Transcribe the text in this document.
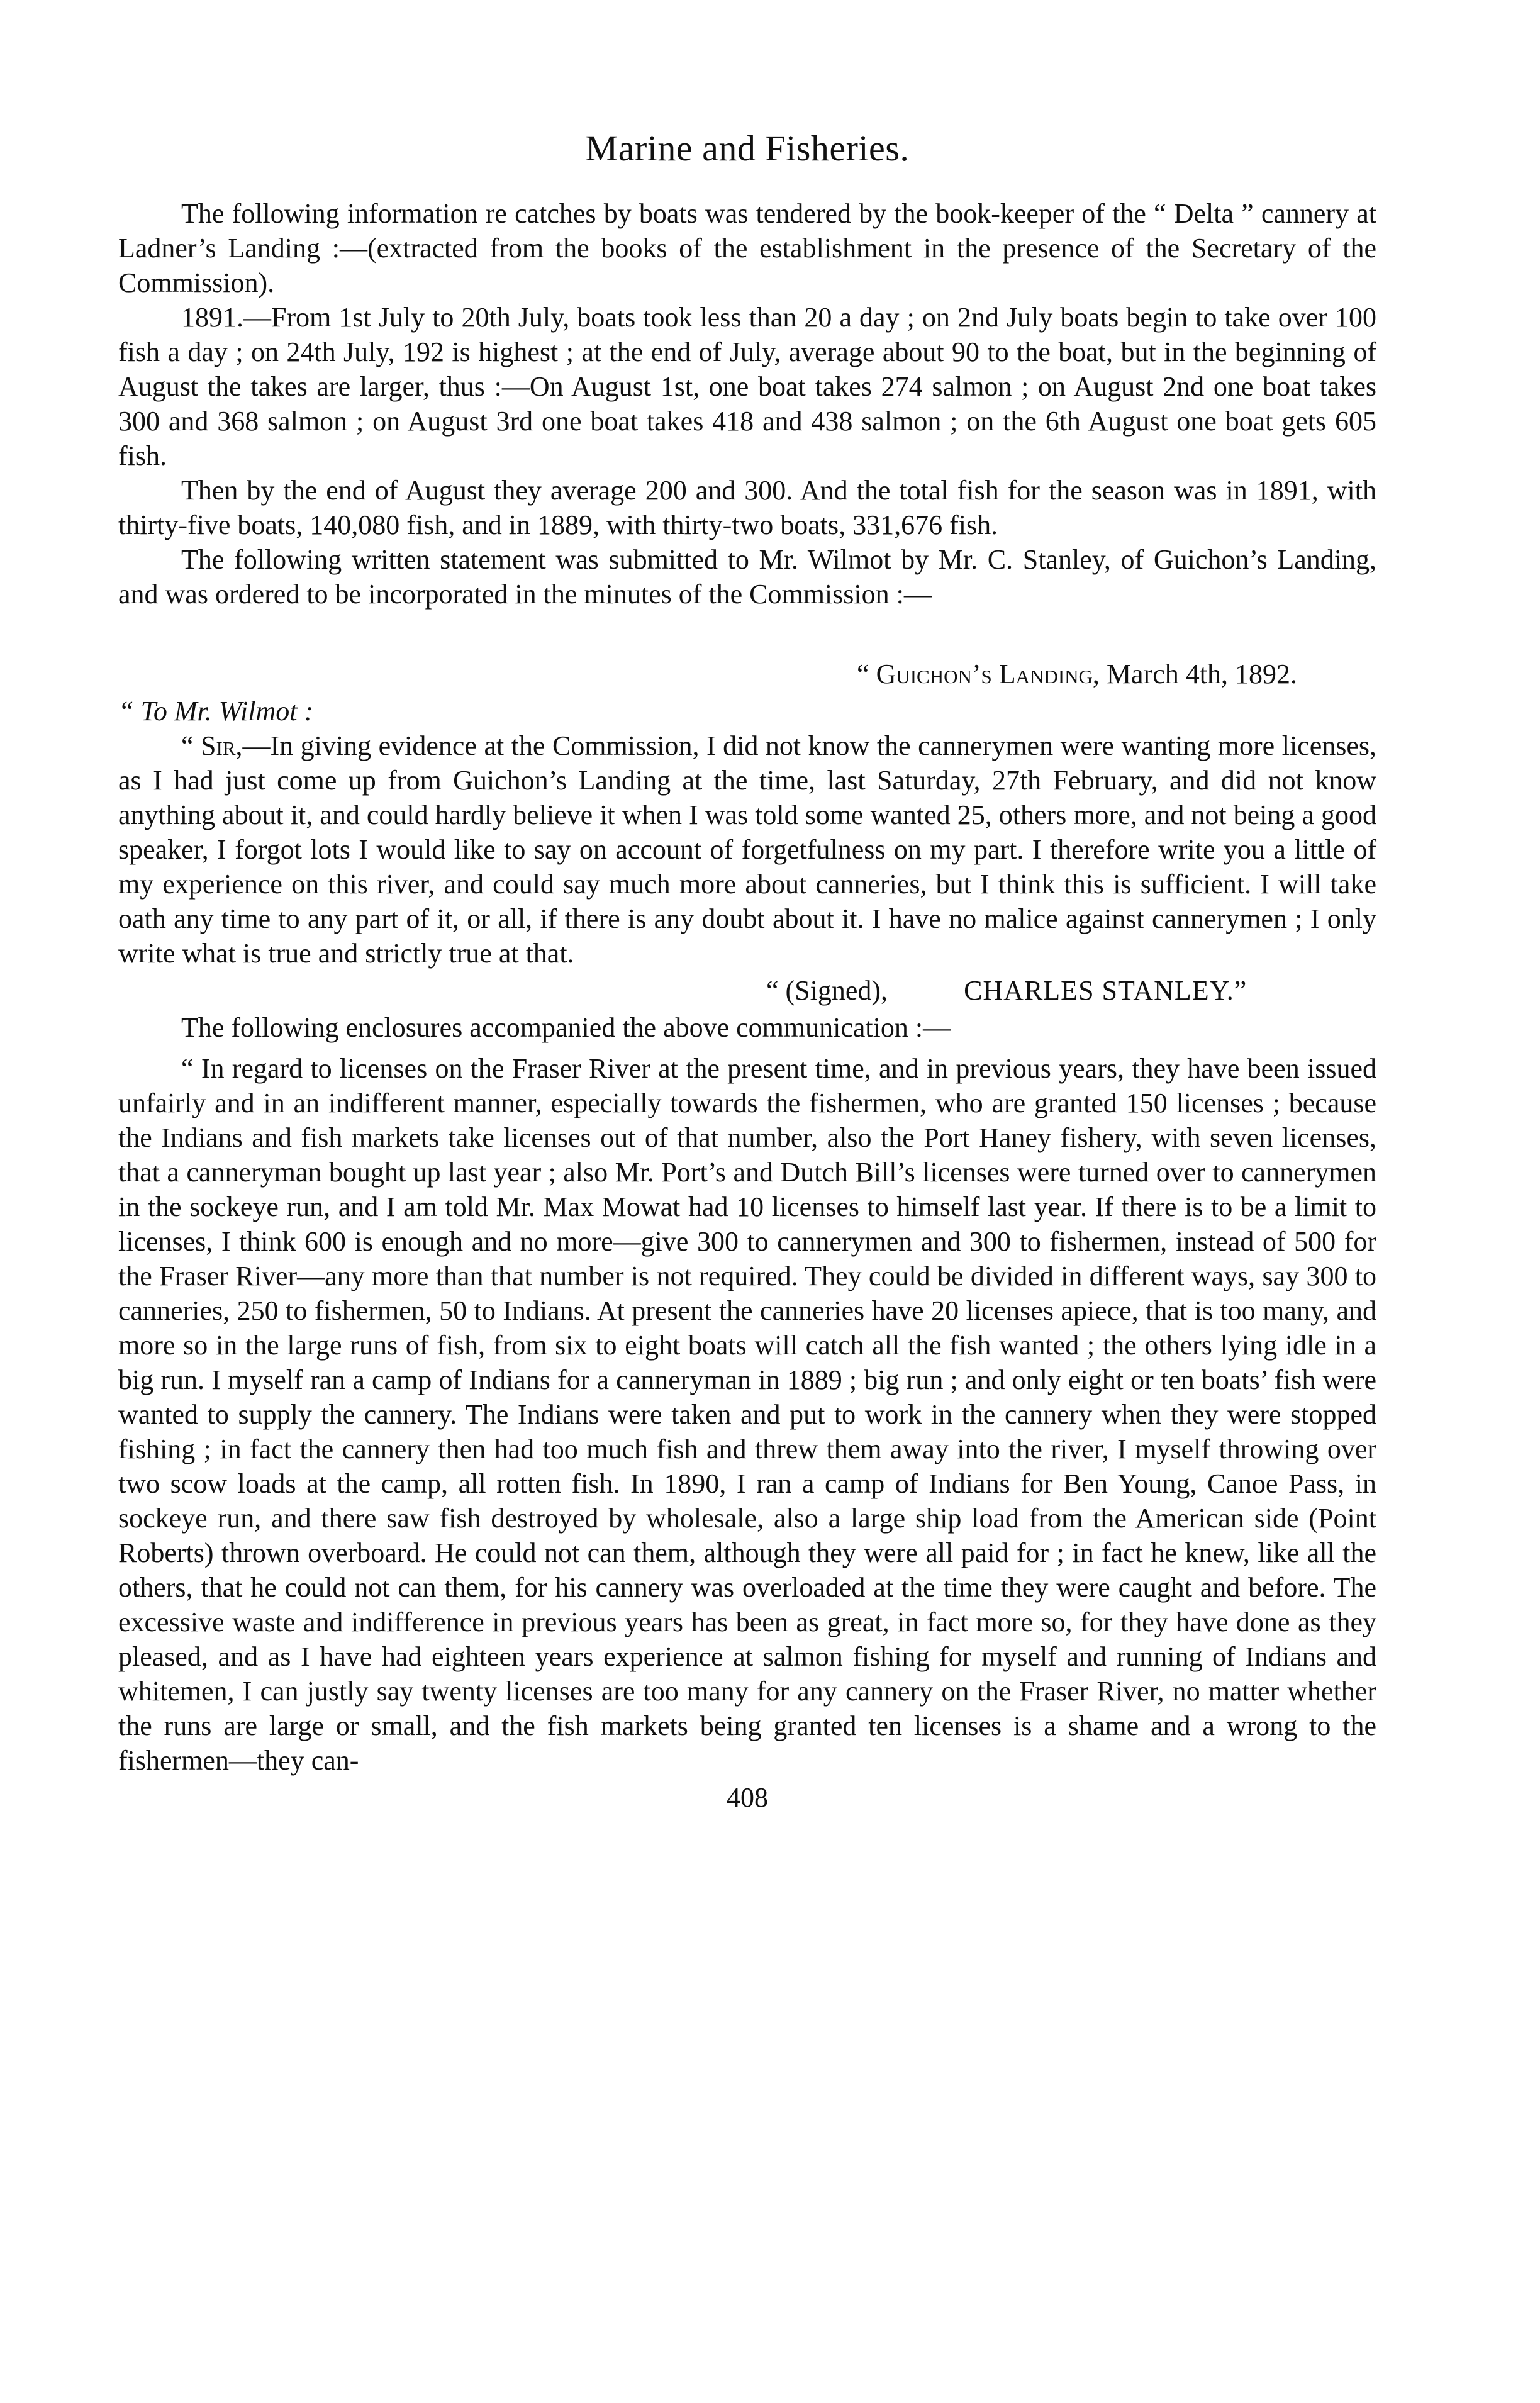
Marine and Fisheries.

The following information re catches by boats was tendered by the book-keeper of the “ Delta ” cannery at Ladner’s Landing :—(extracted from the books of the establishment in the presence of the Secretary of the Commission).

1891.—From 1st July to 20th July, boats took less than 20 a day ; on 2nd July boats begin to take over 100 fish a day ; on 24th July, 192 is highest ; at the end of July, average about 90 to the boat, but in the beginning of August the takes are larger, thus :—On August 1st, one boat takes 274 salmon ; on August 2nd one boat takes 300 and 368 salmon ; on August 3rd one boat takes 418 and 438 salmon ; on the 6th August one boat gets 605 fish.

Then by the end of August they average 200 and 300. And the total fish for the season was in 1891, with thirty-five boats, 140,080 fish, and in 1889, with thirty-two boats, 331,676 fish.

The following written statement was submitted to Mr. Wilmot by Mr. C. Stanley, of Guichon’s Landing, and was ordered to be incorporated in the minutes of the Commission :—

“ Guichon’s Landing, March 4th, 1892.
“ To Mr. Wilmot :

“ Sir,—In giving evidence at the Commission, I did not know the cannerymen were wanting more licenses, as I had just come up from Guichon’s Landing at the time, last Saturday, 27th February, and did not know anything about it, and could hardly believe it when I was told some wanted 25, others more, and not being a good speaker, I forgot lots I would like to say on account of forgetfulness on my part. I therefore write you a little of my experience on this river, and could say much more about canneries, but I think this is sufficient. I will take oath any time to any part of it, or all, if there is any doubt about it. I have no malice against cannerymen ; I only write what is true and strictly true at that.

“ (Signed),	CHARLES STANLEY.”

The following enclosures accompanied the above communication :—

“ In regard to licenses on the Fraser River at the present time, and in previous years, they have been issued unfairly and in an indifferent manner, especially towards the fishermen, who are granted 150 licenses ; because the Indians and fish markets take licenses out of that number, also the Port Haney fishery, with seven licenses, that a canneryman bought up last year ; also Mr. Port’s and Dutch Bill’s licenses were turned over to cannerymen in the sockeye run, and I am told Mr. Max Mowat had 10 licenses to himself last year. If there is to be a limit to licenses, I think 600 is enough and no more—give 300 to cannerymen and 300 to fishermen, instead of 500 for the Fraser River—any more than that number is not required. They could be divided in different ways, say 300 to canneries, 250 to fishermen, 50 to Indians. At present the canneries have 20 licenses apiece, that is too many, and more so in the large runs of fish, from six to eight boats will catch all the fish wanted ; the others lying idle in a big run. I myself ran a camp of Indians for a canneryman in 1889 ; big run ; and only eight or ten boats’ fish were wanted to supply the cannery. The Indians were taken and put to work in the cannery when they were stopped fishing ; in fact the cannery then had too much fish and threw them away into the river, I myself throwing over two scow loads at the camp, all rotten fish. In 1890, I ran a camp of Indians for Ben Young, Canoe Pass, in sockeye run, and there saw fish destroyed by wholesale, also a large ship load from the American side (Point Roberts) thrown overboard. He could not can them, although they were all paid for ; in fact he knew, like all the others, that he could not can them, for his cannery was overloaded at the time they were caught and before. The excessive waste and indifference in previous years has been as great, in fact more so, for they have done as they pleased, and as I have had eighteen years experience at salmon fishing for myself and running of Indians and whitemen, I can justly say twenty licenses are too many for any cannery on the Fraser River, no matter whether the runs are large or small, and the fish markets being granted ten licenses is a shame and a wrong to the fishermen—they can-

408
